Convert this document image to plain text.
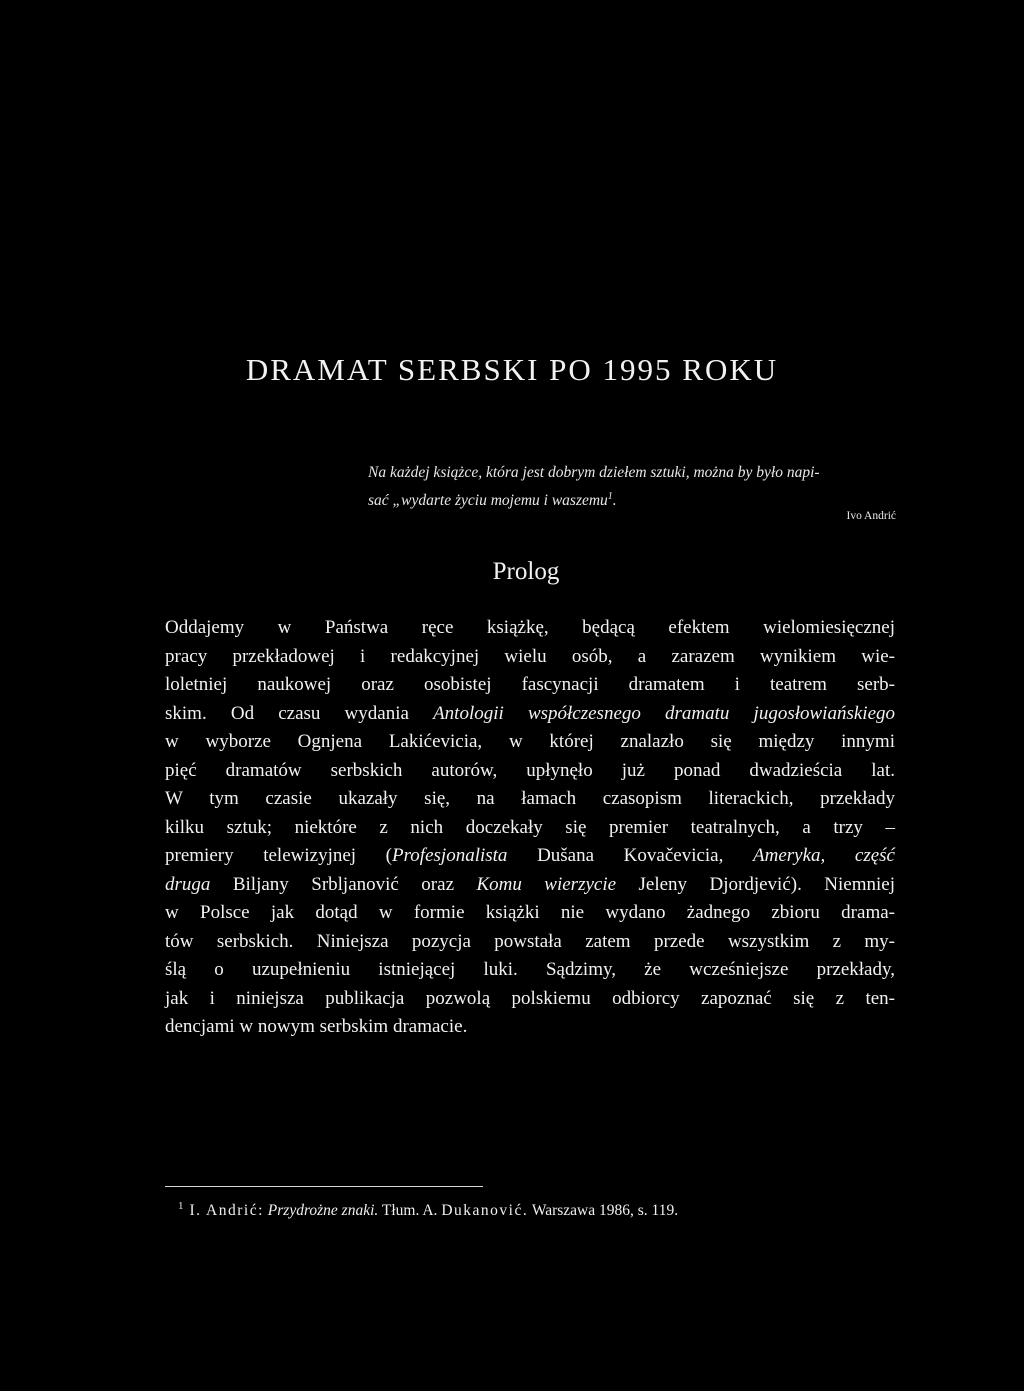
DRAMAT SERBSKI PO 1995 ROKU
Na każdej książce, która jest dobrym dziełem sztuki, można by było napi-
sać „wydarte życiu mojemu i waszemu$^1$.
Ivo Andrić
Prolog
Oddajemy w Państwa ręce książkę, będącą efektem wielomiesięcznej
pracy przekładowej i redakcyjnej wielu osób, a zarazem wynikiem wie-
loletniej naukowej oraz osobistej fascynacji dramatem i teatrem serb-
skim. Od czasu wydania Antologii współczesnego dramatu jugosłowiańskiego
w wyborze Ognjena Lakićevicia, w której znalazło się między innymi
pięć dramatów serbskich autorów, upłynęło już ponad dwadzieścia lat.
W tym czasie ukazały się, na łamach czasopism literackich, przekłady
kilku sztuk; niektóre z nich doczekały się premier teatralnych, a trzy –
premiery telewizyjnej (Profesjonalista Dušana Kovačevicia, Ameryka, część
druga Biljany Srbljanović oraz Komu wierzycie Jeleny Djordjević). Niemniej
w Polsce jak dotąd w formie książki nie wydano żadnego zbioru drama-
tów serbskich. Niniejsza pozycja powstała zatem przede wszystkim z my-
ślą o uzupełnieniu istniejącej luki. Sądzimy, że wcześniejsze przekłady,
jak i niniejsza publikacja pozwolą polskiemu odbiorcy zapoznać się z ten-
dencjami w nowym serbskim dramacie.
$^1$ I. Andrić: Przydrożne znaki. Tłum. A. Dukanović. Warszawa 1986, s. 119.
